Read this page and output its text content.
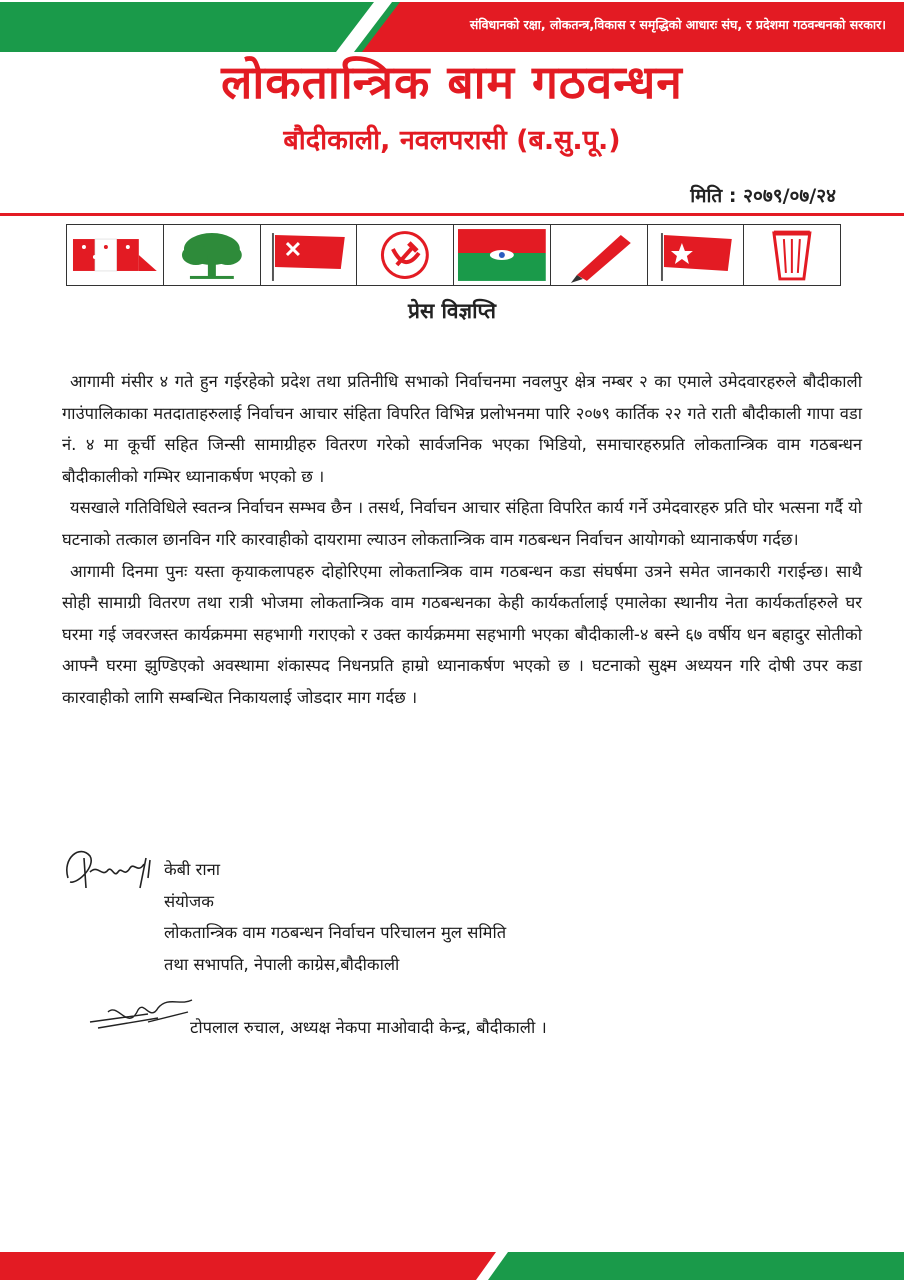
संविधानको रक्षा, लोकतन्त्र,विकास र समृद्धिको आधारः संघ, र प्रदेशमा गठवन्धनको सरकार।
लोकतान्त्रिक बाम गठवन्धन
बौदीकाली, नवलपरासी (ब.सु.पू.)
मिति : २०७९/०७/२४
प्रेस विज्ञप्ति

आगामी मंसीर ४ गते हुन गईरहेको प्रदेश तथा प्रतिनीधि सभाको निर्वाचनमा नवलपुर क्षेत्र नम्बर २ का एमाले उमेदवारहरुले बौदीकाली गाउंपालिकाका मतदाताहरुलाई निर्वाचन आचार संहिता विपरित विभिन्न प्रलोभनमा पारि २०७९ कार्तिक २२ गते राती बौदीकाली गापा वडा नं. ४ मा कूर्ची सहित जिन्सी सामाग्रीहरु वितरण गरेको सार्वजनिक भएका भिडियो, समाचारहरुप्रति लोकतान्त्रिक वाम गठबन्धन बौदीकालीको गम्भिर ध्यानाकर्षण भएको छ ।

यसखाले गतिविधिले स्वतन्त्र निर्वाचन सम्भव छैन । तसर्थ, निर्वाचन आचार संहिता विपरित कार्य गर्ने उमेदवारहरु प्रति घोर भत्सना गर्दै यो घटनाको तत्काल छानविन गरि कारवाहीको दायरामा ल्याउन लोकतान्त्रिक वाम गठबन्धन निर्वाचन आयोगको ध्यानाकर्षण गर्दछ।

आगामी दिनमा पुनः यस्ता कृयाकलापहरु दोहोरिएमा लोकतान्त्रिक वाम गठबन्धन कडा संघर्षमा उत्रने समेत जानकारी गराईन्छ। साथै सोही सामाग्री वितरण तथा रात्री भोजमा लोकतान्त्रिक वाम गठबन्धनका केही कार्यकर्तालाई एमालेका स्थानीय नेता कार्यकर्ताहरुले घर घरमा गई जवरजस्त कार्यक्रममा सहभागी गराएको र उक्त कार्यक्रममा सहभागी भएका बौदीकाली-४ बस्ने ६७ वर्षीय धन बहादुर सोतीको आफ्नै घरमा झुण्डिएको अवस्थामा शंकास्पद निधनप्रति हाम्रो ध्यानाकर्षण भएको छ । घटनाको सुक्ष्म अध्ययन गरि दोषी उपर कडा कारवाहीको लागि सम्बन्धित निकायलाई जोडदार माग गर्दछ ।

केबी राना
संयोजक
लोकतान्त्रिक वाम गठबन्धन निर्वाचन परिचालन मुल समिति
तथा सभापति, नेपाली काग्रेस,बौदीकाली
टोपलाल रुचाल, अध्यक्ष नेकपा माओवादी केन्द्र, बौदीकाली ।
